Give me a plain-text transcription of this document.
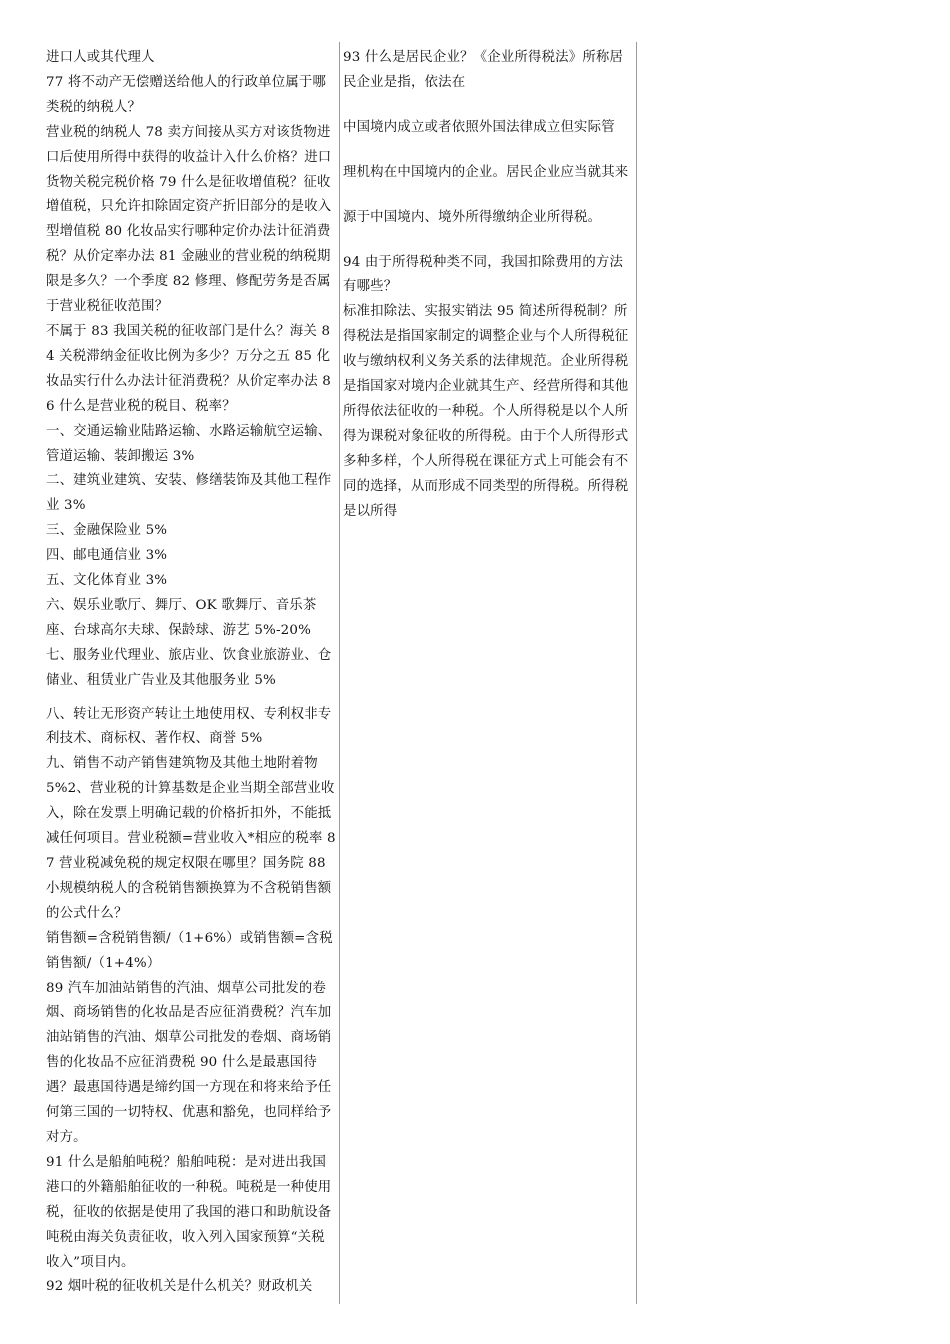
进口人或其代理人

77 将不动产无偿赠送给他人的行政单位属于哪类税的纳税人？

营业税的纳税人 78 卖方间接从买方对该货物进口后使用所得中获得的收益计入什么价格？进口货物关税完税价格 79 什么是征收增值税？征收增值税，只允许扣除固定资产折旧部分的是收入型增值税 80 化妆品实行哪种定价办法计征消费税？从价定率办法 81 金融业的营业税的纳税期限是多久？一个季度 82 修理、修配劳务是否属于营业税征收范围？

不属于 83 我国关税的征收部门是什么？海关 84 关税滞纳金征收比例为多少？万分之五 85 化妆品实行什么办法计征消费税？从价定率办法 86 什么是营业税的税目、税率？

一、交通运输业陆路运输、水路运输航空运输、管道运输、装卸搬运 3%

二、建筑业建筑、安装、修缮装饰及其他工程作业 3%

三、金融保险业 5%

四、邮电通信业 3%

五、文化体育业 3%

六、娱乐业歌厅、舞厅、OK 歌舞厅、音乐茶座、台球高尔夫球、保龄球、游艺 5%-20%

七、服务业代理业、旅店业、饮食业旅游业、仓储业、租赁业广告业及其他服务业 5%

八、转让无形资产转让土地使用权、专利权非专利技术、商标权、著作权、商誉 5%

九、销售不动产销售建筑物及其他土地附着物 5%2、营业税的计算基数是企业当期全部营业收入，除在发票上明确记载的价格折扣外，不能抵减任何项目。营业税额=营业收入*相应的税率 87 营业税减免税的规定权限在哪里？国务院 88 小规模纳税人的含税销售额换算为不含税销售额的公式什么？

销售额=含税销售额/（1+6%）或销售额=含税销售额/（1+4%）

89 汽车加油站销售的汽油、烟草公司批发的卷烟、商场销售的化妆品是否应征消费税？汽车加油站销售的汽油、烟草公司批发的卷烟、商场销售的化妆品不应征消费税 90 什么是最惠国待遇？最惠国待遇是缔约国一方现在和将来给予任何第三国的一切特权、优惠和豁免，也同样给予对方。

91 什么是船舶吨税？船舶吨税：是对进出我国港口的外籍船舶征收的一种税。吨税是一种使用税，征收的依据是使用了我国的港口和助航设备吨税由海关负责征收，收入列入国家预算“关税收入”项目内。

92 烟叶税的征收机关是什么机关？财政机关

93 什么是居民企业？《企业所得税法》所称居民企业是指，依法在

中国境内成立或者依照外国法律成立但实际管

理机构在中国境内的企业。居民企业应当就其来

源于中国境内、境外所得缴纳企业所得税。

94 由于所得税种类不同，我国扣除费用的方法有哪些？

标准扣除法、实报实销法 95 简述所得税制？所得税法是指国家制定的调整企业与个人所得税征收与缴纳权利义务关系的法律规范。企业所得税是指国家对境内企业就其生产、经营所得和其他所得依法征收的一种税。个人所得税是以个人所得为课税对象征收的所得税。由于个人所得形式多种多样，个人所得税在课征方式上可能会有不同的选择，从而形成不同类型的所得税。所得税是以所得
